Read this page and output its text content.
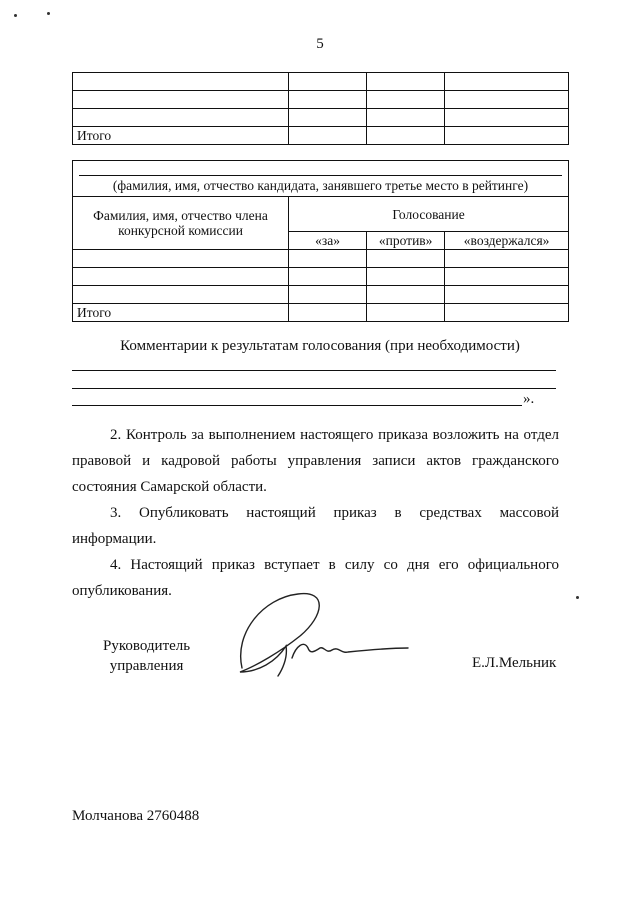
5

Итого			
(фамилия, имя, отчество кандидата, занявшего третье место в рейтинге)
Фамилия, имя, отчество члена конкурсной комиссии	Голосование		
	«за»	«против»	«воздержался»

Итого			
Комментарии к результатам голосования (при необходимости)
».
2. Контроль за выполнением настоящего приказа возложить на отдел правовой и кадровой работы управления записи актов гражданского состояния Самарской области.
3. Опубликовать настоящий приказ в средствах массовой информации.
4. Настоящий приказ вступает в силу со дня его официального опубликования.
Руководитель
управления	Е.Л.Мельник
Молчанова 2760488
